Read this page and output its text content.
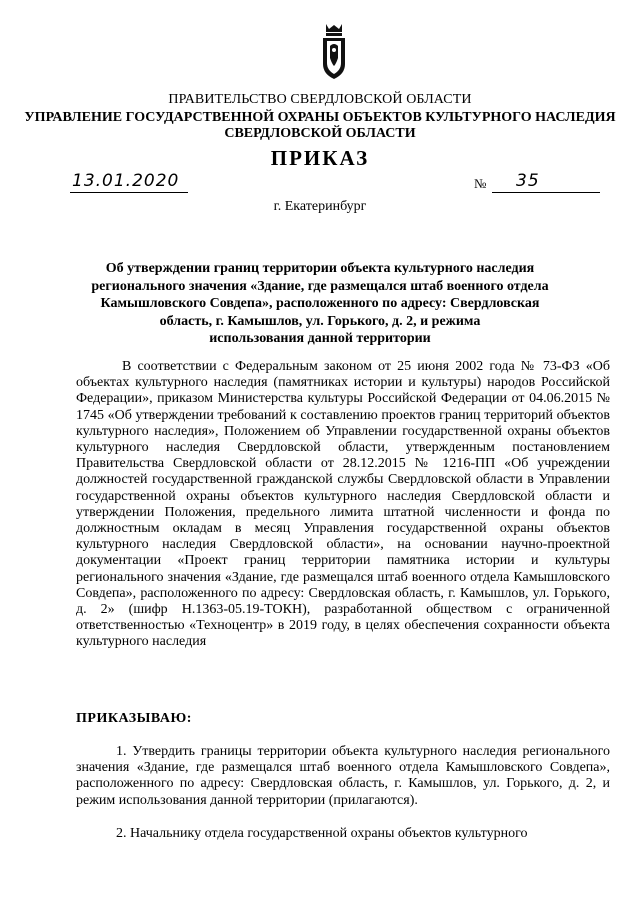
ПРАВИТЕЛЬСТВО СВЕРДЛОВСКОЙ ОБЛАСТИ
УПРАВЛЕНИЕ ГОСУДАРСТВЕННОЙ ОХРАНЫ ОБЪЕКТОВ КУЛЬТУРНОГО НАСЛЕДИЯ
СВЕРДЛОВСКОЙ ОБЛАСТИ
ПРИКАЗ
13.01.2020	№ 35
г. Екатеринбург
Об утверждении границ территории объекта культурного наследия
регионального значения «Здание, где размещался штаб военного отдела
Камышловского Совдепа», расположенного по адресу: Свердловская
область, г. Камышлов, ул. Горького, д. 2, и режима
использования данной территории
В соответствии с Федеральным законом от 25 июня 2002 года № 73-ФЗ «Об объектах культурного наследия (памятниках истории и культуры) народов Российской Федерации», приказом Министерства культуры Российской Федерации от 04.06.2015 № 1745 «Об утверждении требований к составлению проектов границ территорий объектов культурного наследия», Положением об Управлении государственной охраны объектов культурного наследия Свердловской области, утвержденным постановлением Правительства Свердловской области от 28.12.2015 № 1216-ПП «Об учреждении должностей государственной гражданской службы Свердловской области в Управлении государственной охраны объектов культурного наследия Свердловской области и утверждении Положения, предельного лимита штатной численности и фонда по должностным окладам в месяц Управления государственной охраны объектов культурного наследия Свердловской области», на основании научно-проектной документации «Проект границ территории памятника истории и культуры регионального значения «Здание, где размещался штаб военного отдела Камышловского Совдепа», расположенного по адресу: Свердловская область, г. Камышлов, ул. Горького, д. 2» (шифр Н.1363-05.19-ТОКН), разработанной обществом с ограниченной ответственностью «Техноцентр» в 2019 году, в целях обеспечения сохранности объекта культурного наследия
ПРИКАЗЫВАЮ:
1. Утвердить границы территории объекта культурного наследия регионального значения «Здание, где размещался штаб военного отдела Камышловского Совдепа», расположенного по адресу: Свердловская область, г. Камышлов, ул. Горького, д. 2, и режим использования данной территории (прилагаются).
2. Начальнику отдела государственной охраны объектов культурного
